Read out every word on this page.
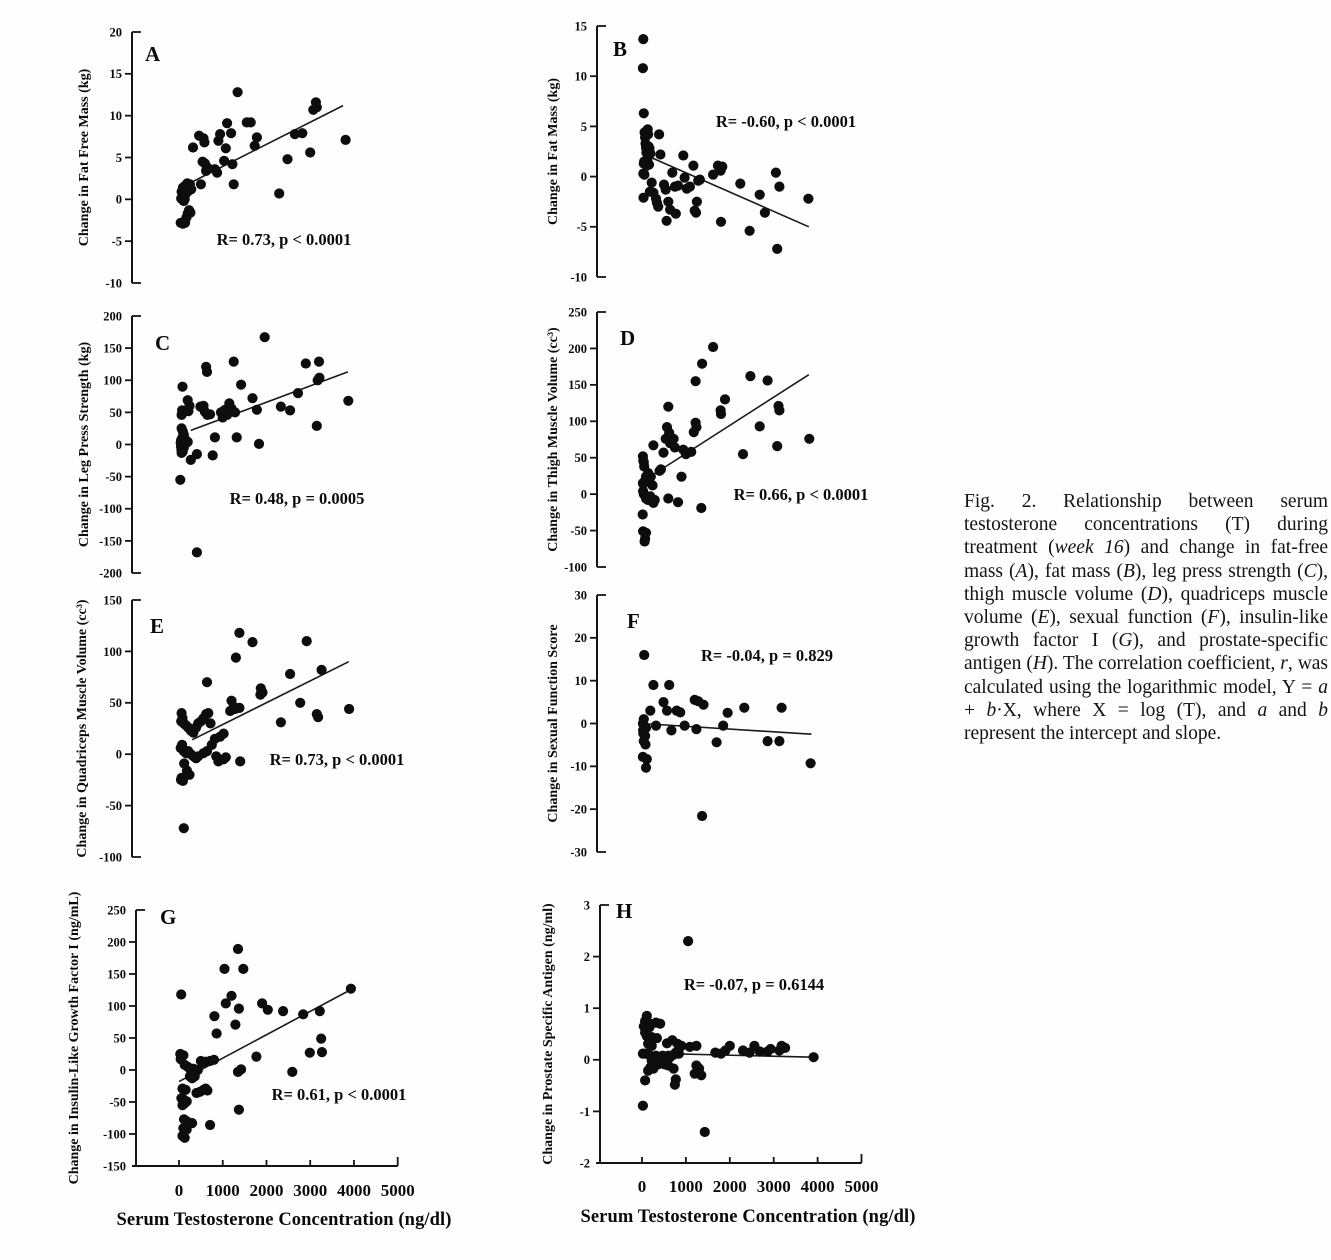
20
15
10
5
0
-5
-10
Change in Fat Free Mass (kg)
A
R= 0.73, p < 0.0001
15
10
5
0
-5
-10
Change in Fat Mass (kg)
B
R= -0.60, p < 0.0001
200
150
100
50
0
-50
-100
-150
-200
Change in Leg Press Strength (kg)	C
R= 0.48, p = 0.0005
250
200
150
100
50
0
-50
-100
Change in Thigh Muscle Volume (cc³)	D
R= 0.66, p < 0.0001
150
100
50
0
-50
-100
Change in Quadriceps Muscle Volume (cc³)	E
R= 0.73, p < 0.0001
30
20
10
0
-10
-20
-30
Change in Sexual Function Score
F
R= -0.04, p = 0.829
250
200
150
100
50
0
-50
-100
-150
Change in Insulin-Like Growth Factor I (ng/mL)	G
R= 0.61, p < 0.0001
0 1000 2000 3000 4000 5000
3
2
1
0
-1
-2
Change in Prostate Specific Antigen (ng/ml)	H
R= -0.07, p = 0.6144
0 1000 2000 3000 4000 5000
Serum Testosterone Concentration (ng/dl)	Serum Testosterone Concentration (ng/dl)
Fig. 2. Relationship between serum testosterone concentrations (T) during treatment (week 16) and change in fat-free mass (A), fat mass (B), leg press strength (C), thigh muscle volume (D), quadriceps muscle volume (E), sexual function (F), insulin-like growth factor I (G), and prostate-specific antigen (H). The correlation coefficient, r, was calculated using the logarithmic model, Y = a + b·X, where X = log (T), and a and b represent the intercept and slope.
